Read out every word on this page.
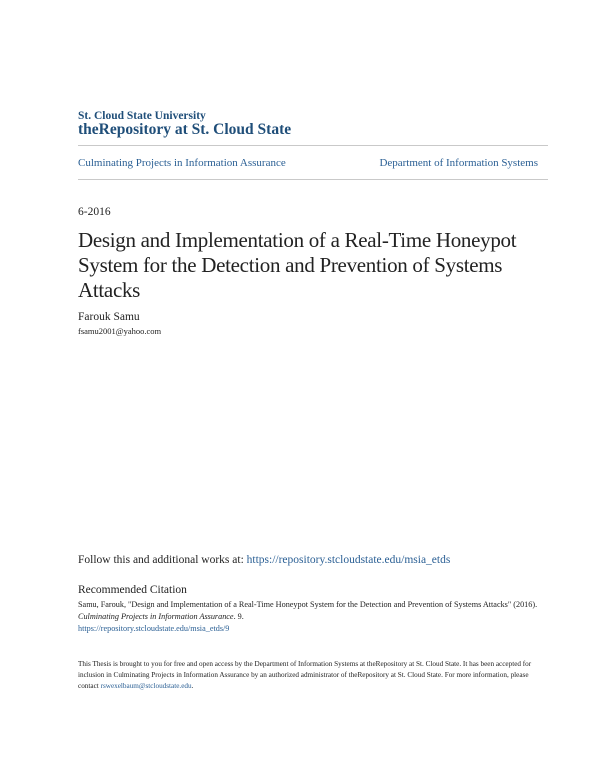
St. Cloud State University
theRepository at St. Cloud State
Culminating Projects in Information Assurance	Department of Information Systems
6-2016
Design and Implementation of a Real-Time Honeypot System for the Detection and Prevention of Systems Attacks
Farouk Samu
fsamu2001@yahoo.com
Follow this and additional works at: https://repository.stcloudstate.edu/msia_etds
Recommended Citation
Samu, Farouk, "Design and Implementation of a Real-Time Honeypot System for the Detection and Prevention of Systems Attacks" (2016). Culminating Projects in Information Assurance. 9.
https://repository.stcloudstate.edu/msia_etds/9
This Thesis is brought to you for free and open access by the Department of Information Systems at theRepository at St. Cloud State. It has been accepted for inclusion in Culminating Projects in Information Assurance by an authorized administrator of theRepository at St. Cloud State. For more information, please contact rswexelbaum@stcloudstate.edu.
